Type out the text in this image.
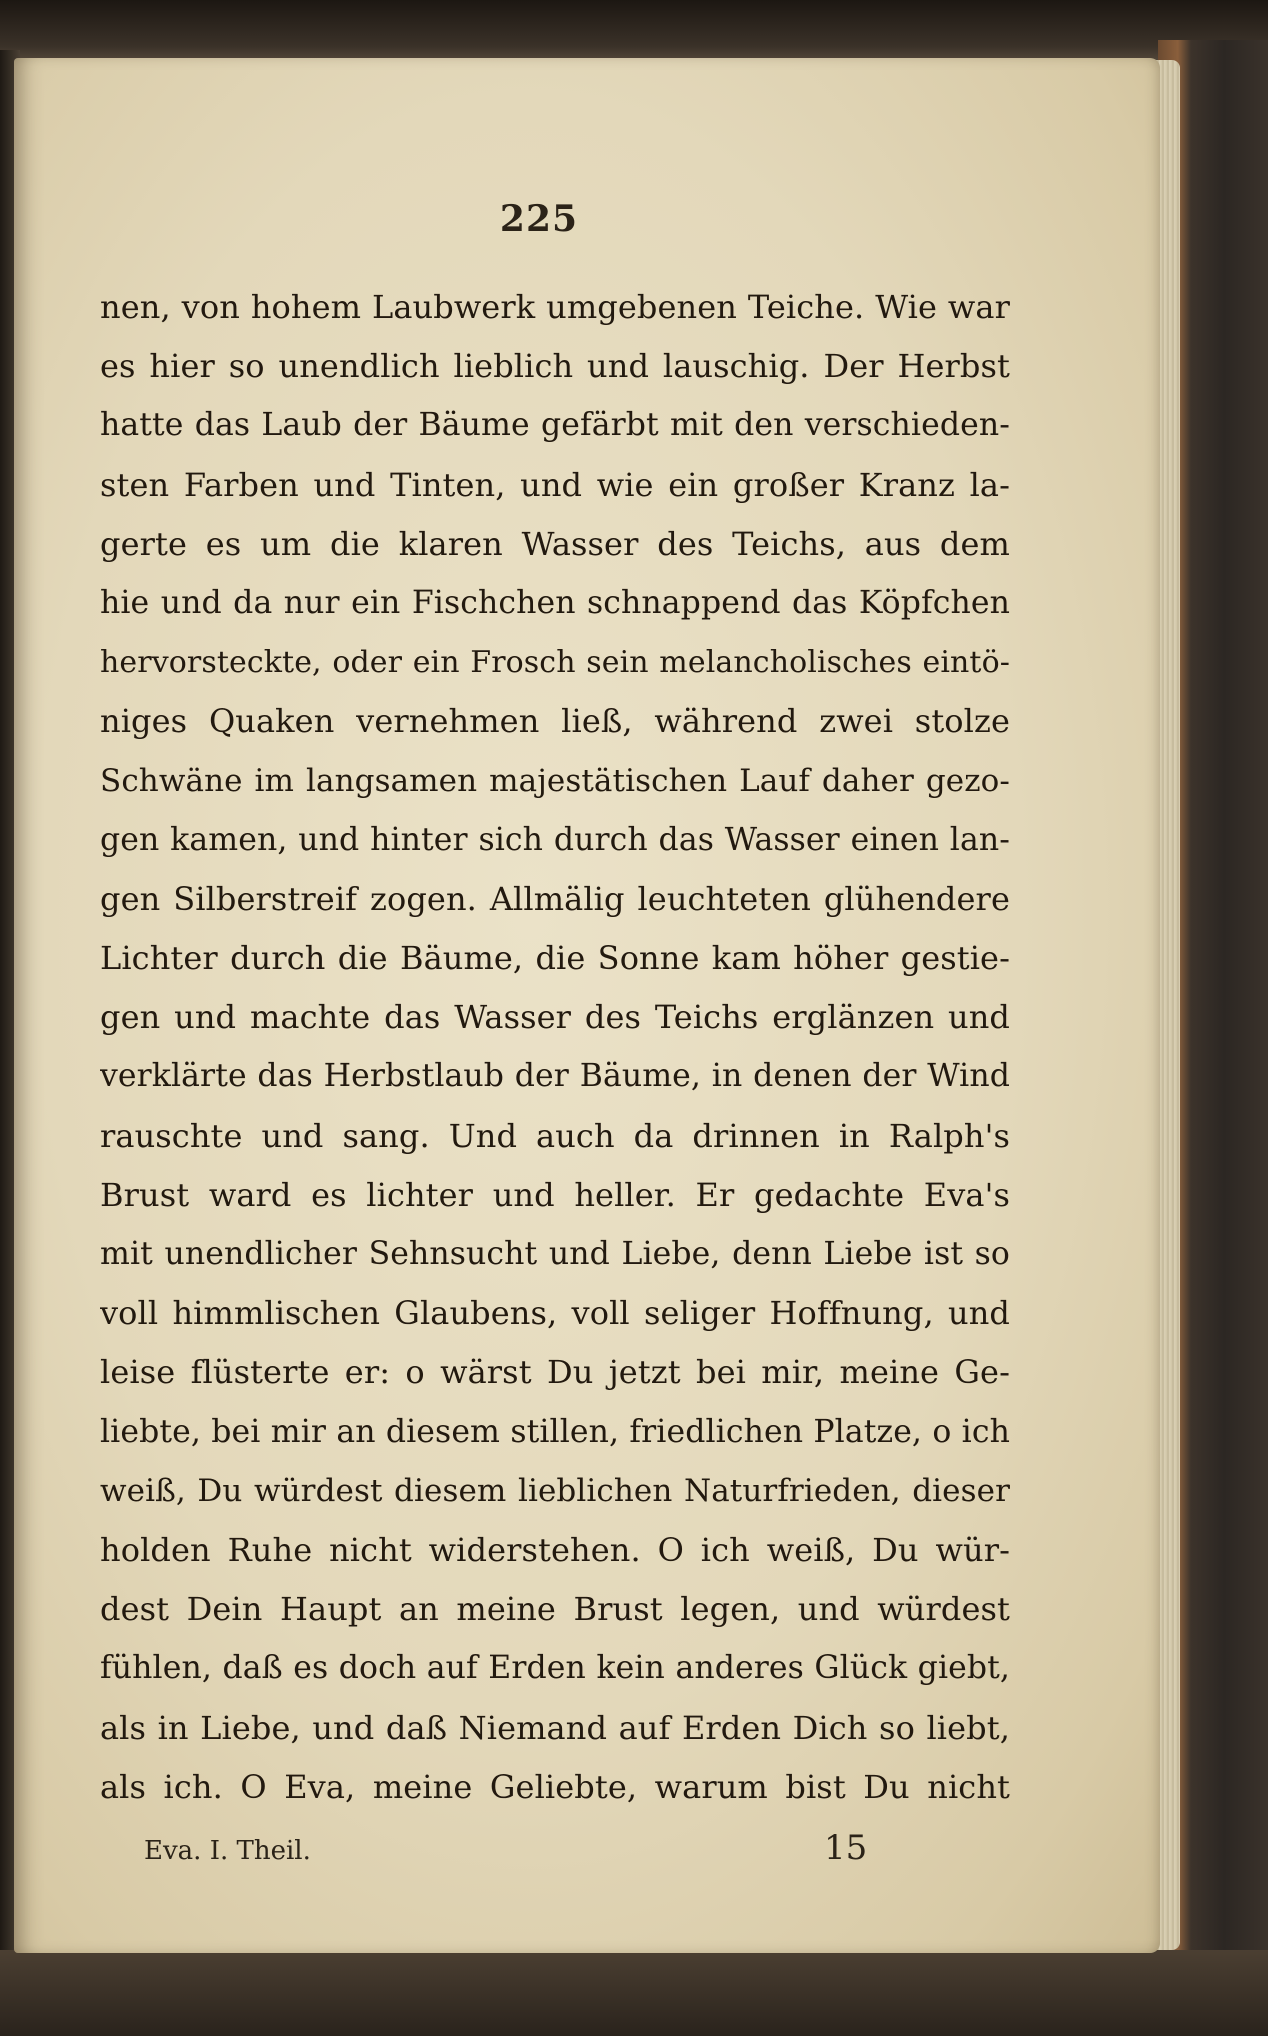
225
nen, von hohem Laubwerk umgebenen Teiche. Wie war
es hier so unendlich lieblich und lauschig. Der Herbst
hatte das Laub der Bäume gefärbt mit den verschieden-
sten Farben und Tinten, und wie ein großer Kranz la-
gerte es um die klaren Wasser des Teichs, aus dem
hie und da nur ein Fischchen schnappend das Köpfchen
hervorsteckte, oder ein Frosch sein melancholisches eintö-
niges Quaken vernehmen ließ, während zwei stolze
Schwäne im langsamen majestätischen Lauf daher gezo-
gen kamen, und hinter sich durch das Wasser einen lan-
gen Silberstreif zogen. Allmälig leuchteten glühendere
Lichter durch die Bäume, die Sonne kam höher gestie-
gen und machte das Wasser des Teichs erglänzen und
verklärte das Herbstlaub der Bäume, in denen der Wind
rauschte und sang. Und auch da drinnen in Ralph's
Brust ward es lichter und heller. Er gedachte Eva's
mit unendlicher Sehnsucht und Liebe, denn Liebe ist so
voll himmlischen Glaubens, voll seliger Hoffnung, und
leise flüsterte er: o wärst Du jetzt bei mir, meine Ge-
liebte, bei mir an diesem stillen, friedlichen Platze, o ich
weiß, Du würdest diesem lieblichen Naturfrieden, dieser
holden Ruhe nicht widerstehen. O ich weiß, Du wür-
dest Dein Haupt an meine Brust legen, und würdest
fühlen, daß es doch auf Erden kein anderes Glück giebt,
als in Liebe, und daß Niemand auf Erden Dich so liebt,
als ich. O Eva, meine Geliebte, warum bist Du nicht
Eva. I. Theil.	15
